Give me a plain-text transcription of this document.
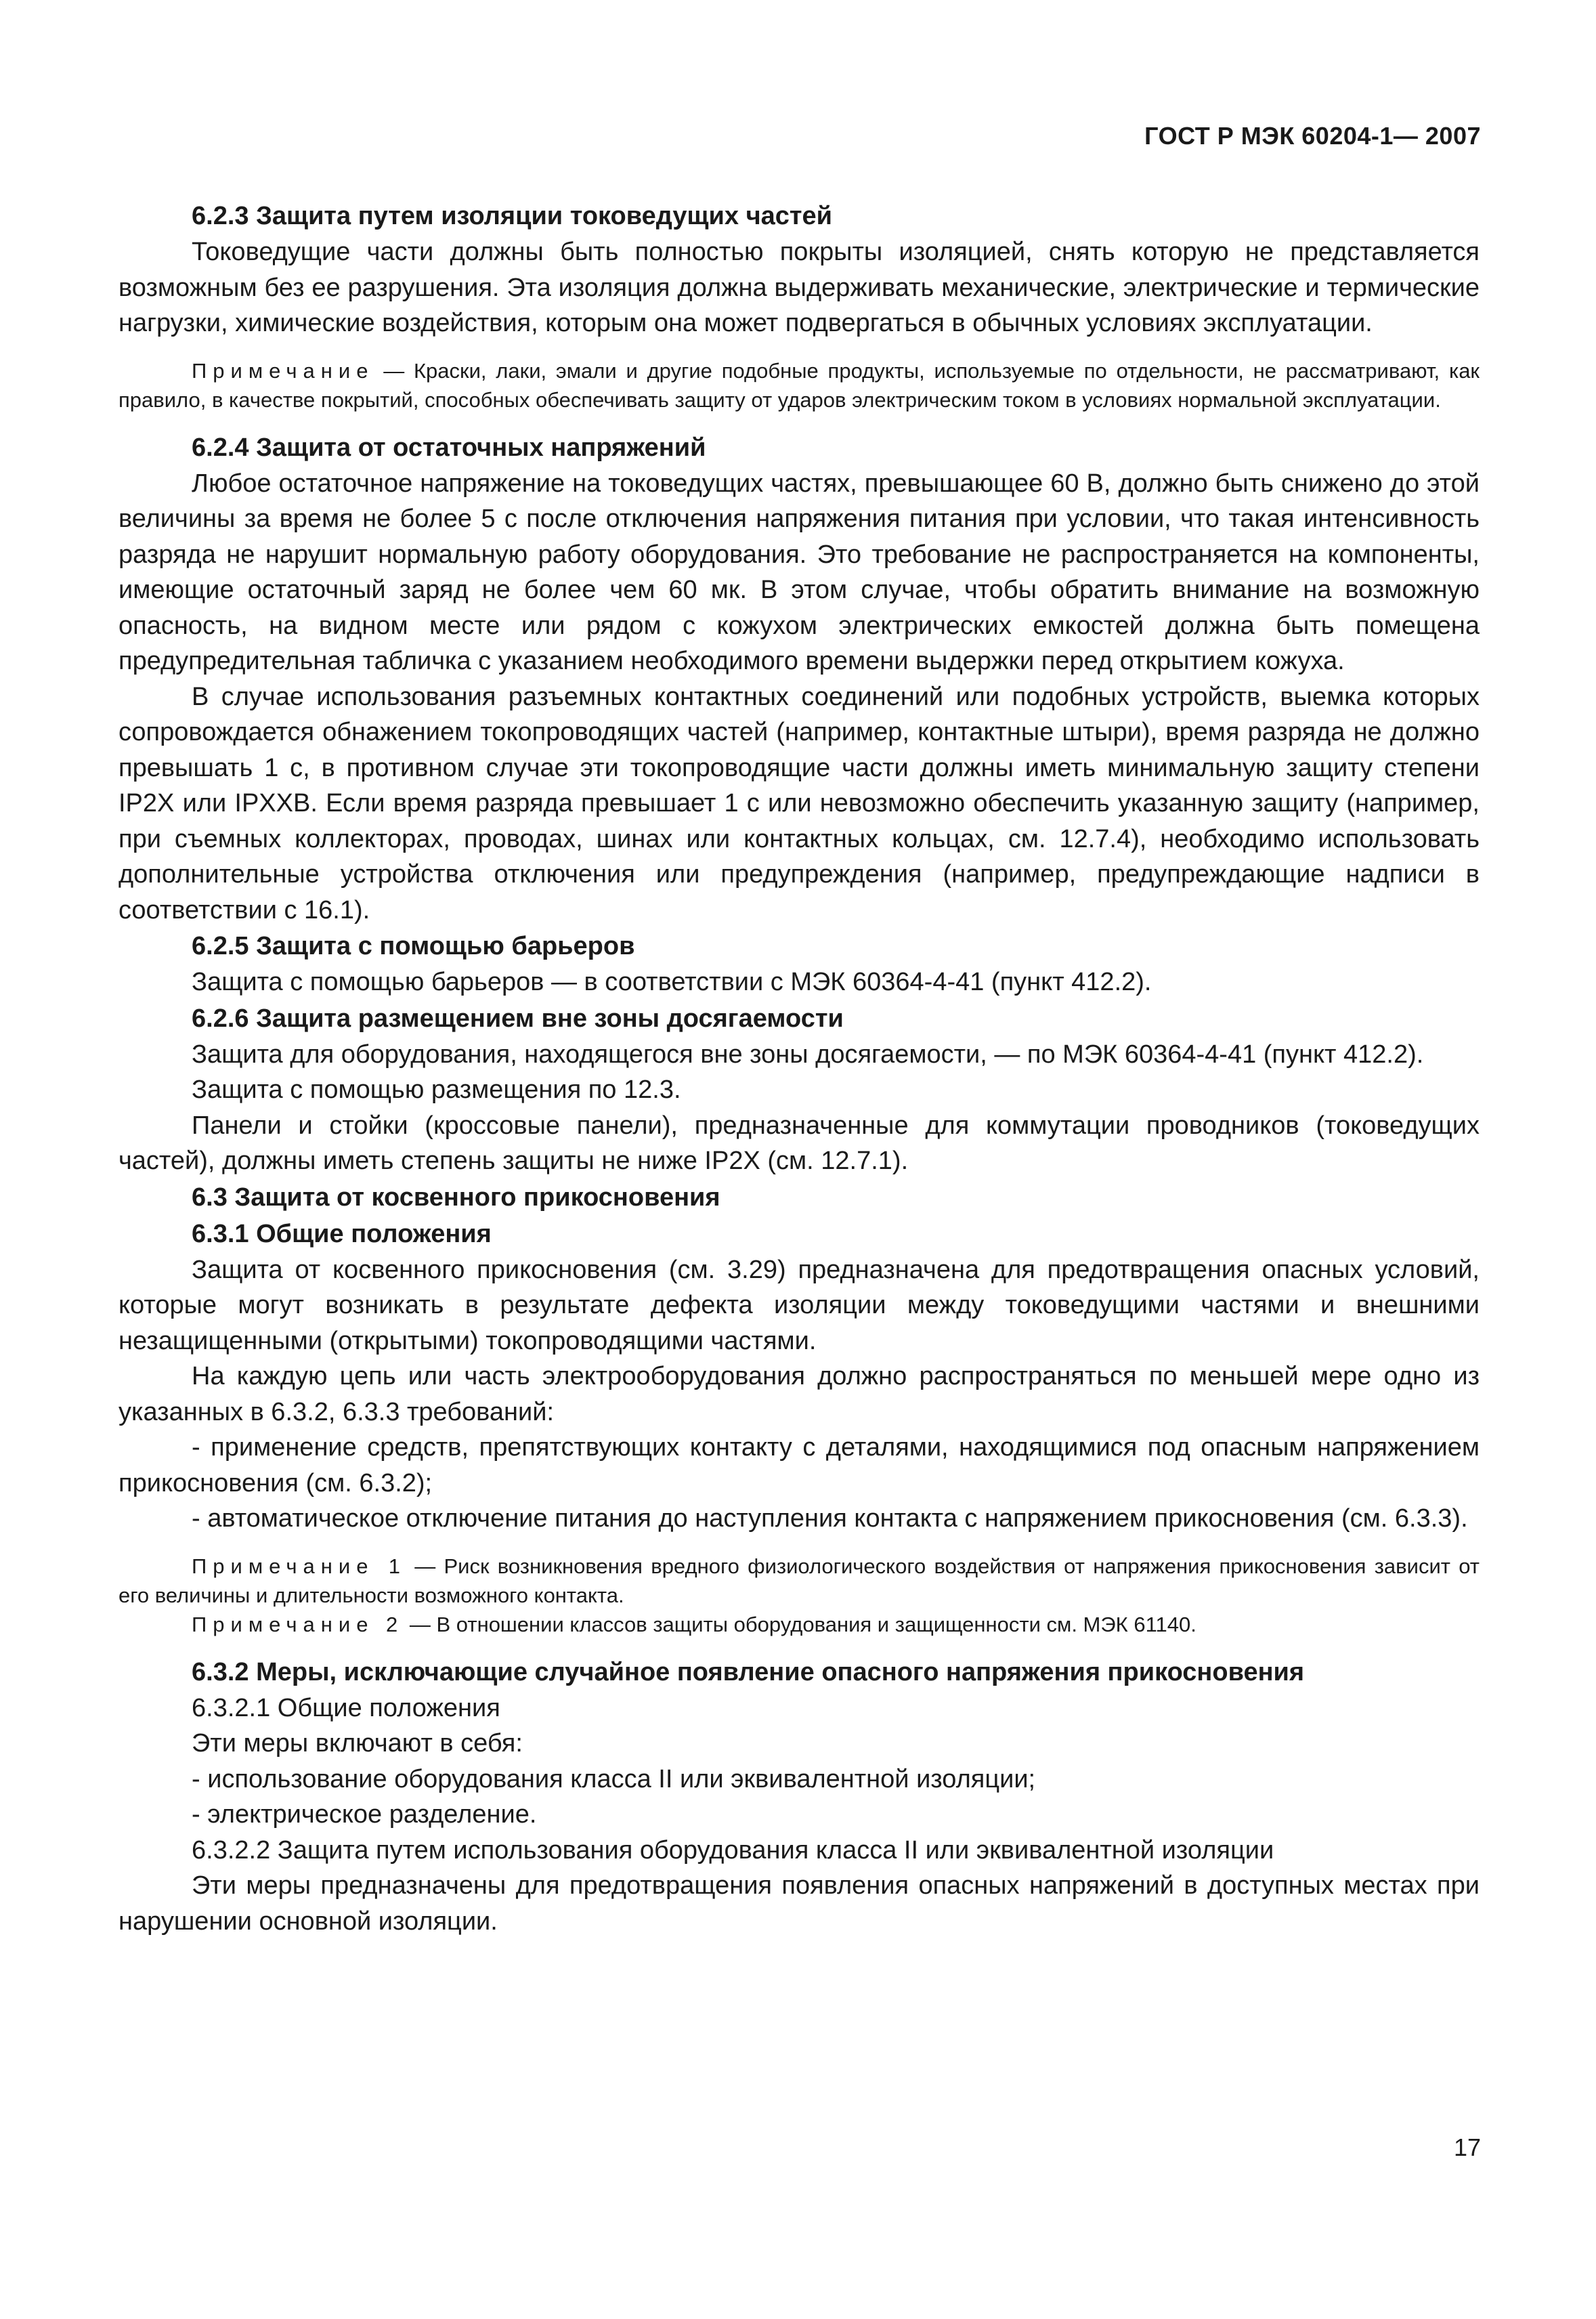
ГОСТ Р МЭК 60204-1— 2007
6.2.3 Защита путем изоляции токоведущих частей
Токоведущие части должны быть полностью покрыты изоляцией, снять которую не представляется возможным без ее разрушения. Эта изоляция должна выдерживать механические, электрические и термические нагрузки, химические воздействия, которым она может подвергаться в обычных условиях эксплуатации.
Примечание — Краски, лаки, эмали и другие подобные продукты, используемые по отдельности, не рассматривают, как правило, в качестве покрытий, способных обеспечивать защиту от ударов электрическим током в условиях нормальной эксплуатации.
6.2.4 Защита от остаточных напряжений
Любое остаточное напряжение на токоведущих частях, превышающее 60 В, должно быть снижено до этой величины за время не более 5 с после отключения напряжения питания при условии, что такая интенсивность разряда не нарушит нормальную работу оборудования. Это требование не распространяется на компоненты, имеющие остаточный заряд не более чем 60 мк. В этом случае, чтобы обратить внимание на возможную опасность, на видном месте или рядом с кожухом электрических емкостей должна быть помещена предупредительная табличка с указанием необходимого времени выдержки перед открытием кожуха.
В случае использования разъемных контактных соединений или подобных устройств, выемка которых сопровождается обнажением токопроводящих частей (например, контактные штыри), время разряда не должно превышать 1 с, в противном случае эти токопроводящие части должны иметь минимальную защиту степени IP2X или IPXXB. Если время разряда превышает 1 с или невозможно обеспечить указанную защиту (например, при съемных коллекторах, проводах, шинах или контактных кольцах, см. 12.7.4), необходимо использовать дополнительные устройства отключения или предупреждения (например, предупреждающие надписи в соответствии с 16.1).
6.2.5 Защита с помощью барьеров
Защита с помощью барьеров — в соответствии с МЭК 60364-4-41 (пункт 412.2).
6.2.6 Защита размещением вне зоны досягаемости
Защита для оборудования, находящегося вне зоны досягаемости, — по МЭК 60364-4-41 (пункт 412.2).
Защита с помощью размещения по 12.3.
Панели и стойки (кроссовые панели), предназначенные для коммутации проводников (токоведущих частей), должны иметь степень защиты не ниже IP2X (см. 12.7.1).
6.3 Защита от косвенного прикосновения
6.3.1 Общие положения
Защита от косвенного прикосновения (см. 3.29) предназначена для предотвращения опасных условий, которые могут возникать в результате дефекта изоляции между токоведущими частями и внешними незащищенными (открытыми) токопроводящими частями.
На каждую цепь или часть электрооборудования должно распространяться по меньшей мере одно из указанных в 6.3.2, 6.3.3 требований:
- применение средств, препятствующих контакту с деталями, находящимися под опасным напряжением прикосновения (см. 6.3.2);
- автоматическое отключение питания до наступления контакта с напряжением прикосновения (см. 6.3.3).
Примечание 1 — Риск возникновения вредного физиологического воздействия от напряжения прикосновения зависит от его величины и длительности возможного контакта.
Примечание 2 — В отношении классов защиты оборудования и защищенности см. МЭК 61140.
6.3.2 Меры, исключающие случайное появление опасного напряжения прикосновения
6.3.2.1 Общие положения
Эти меры включают в себя:
- использование оборудования класса II или эквивалентной изоляции;
- электрическое разделение.
6.3.2.2 Защита путем использования оборудования класса II или эквивалентной изоляции
Эти меры предназначены для предотвращения появления опасных напряжений в доступных местах при нарушении основной изоляции.
17
